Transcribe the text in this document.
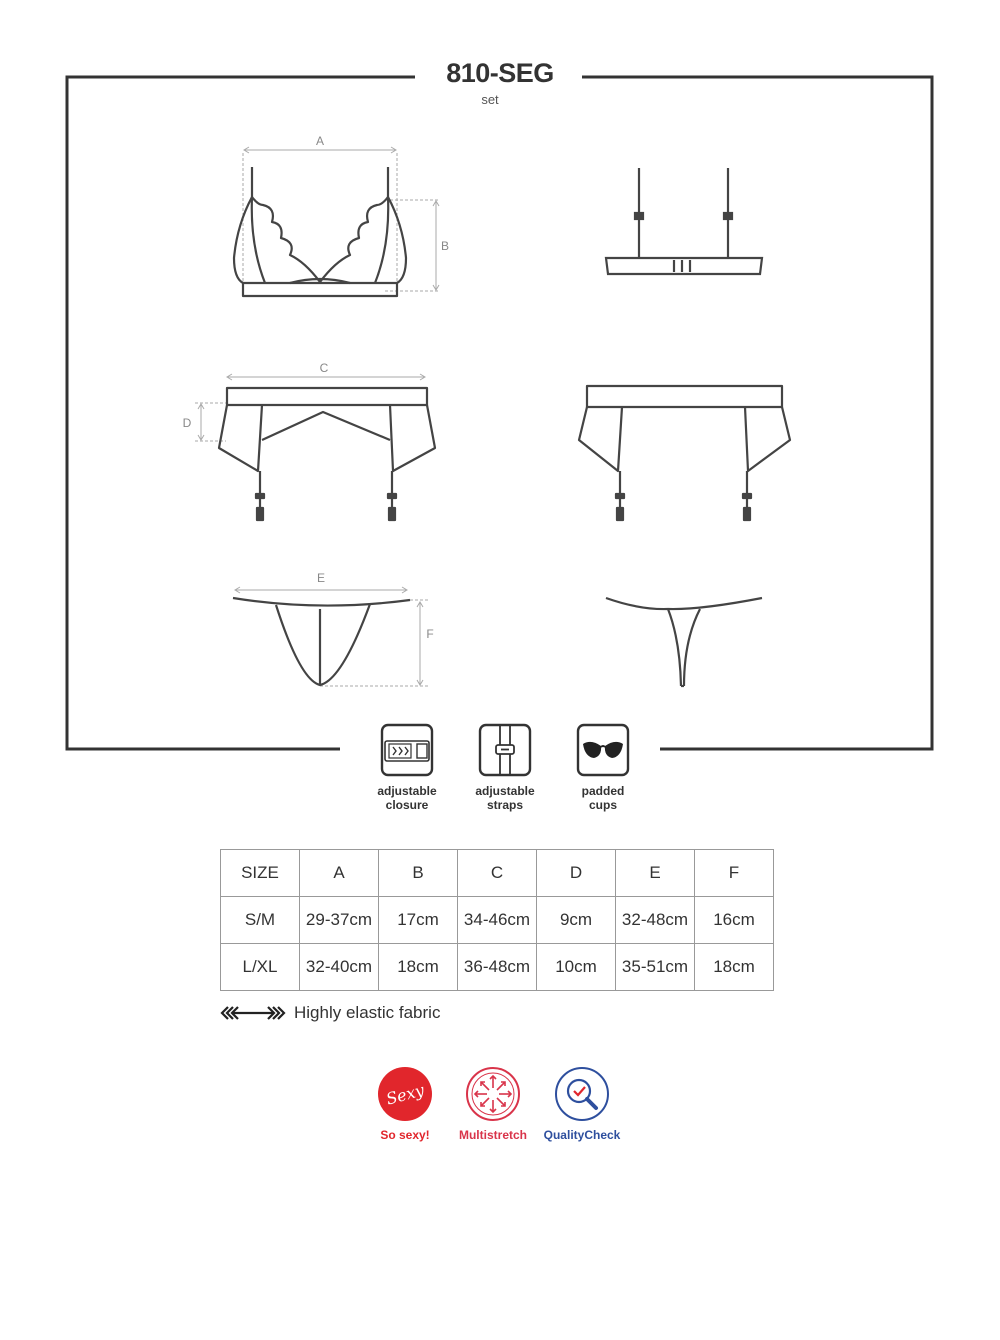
A
B
C
D
E
F
810-SEG
set
adjustable
closure
adjustable
straps
padded
cups
SIZE	A	B	C	D	E	F
S/M	29-37cm	17cm	34-46cm	9cm	32-48cm	16cm
L/XL	32-40cm	18cm	36-48cm	10cm	35-51cm	18cm
Highly elastic fabric
Sexy
So sexy!	Multistretch	QualityCheck
